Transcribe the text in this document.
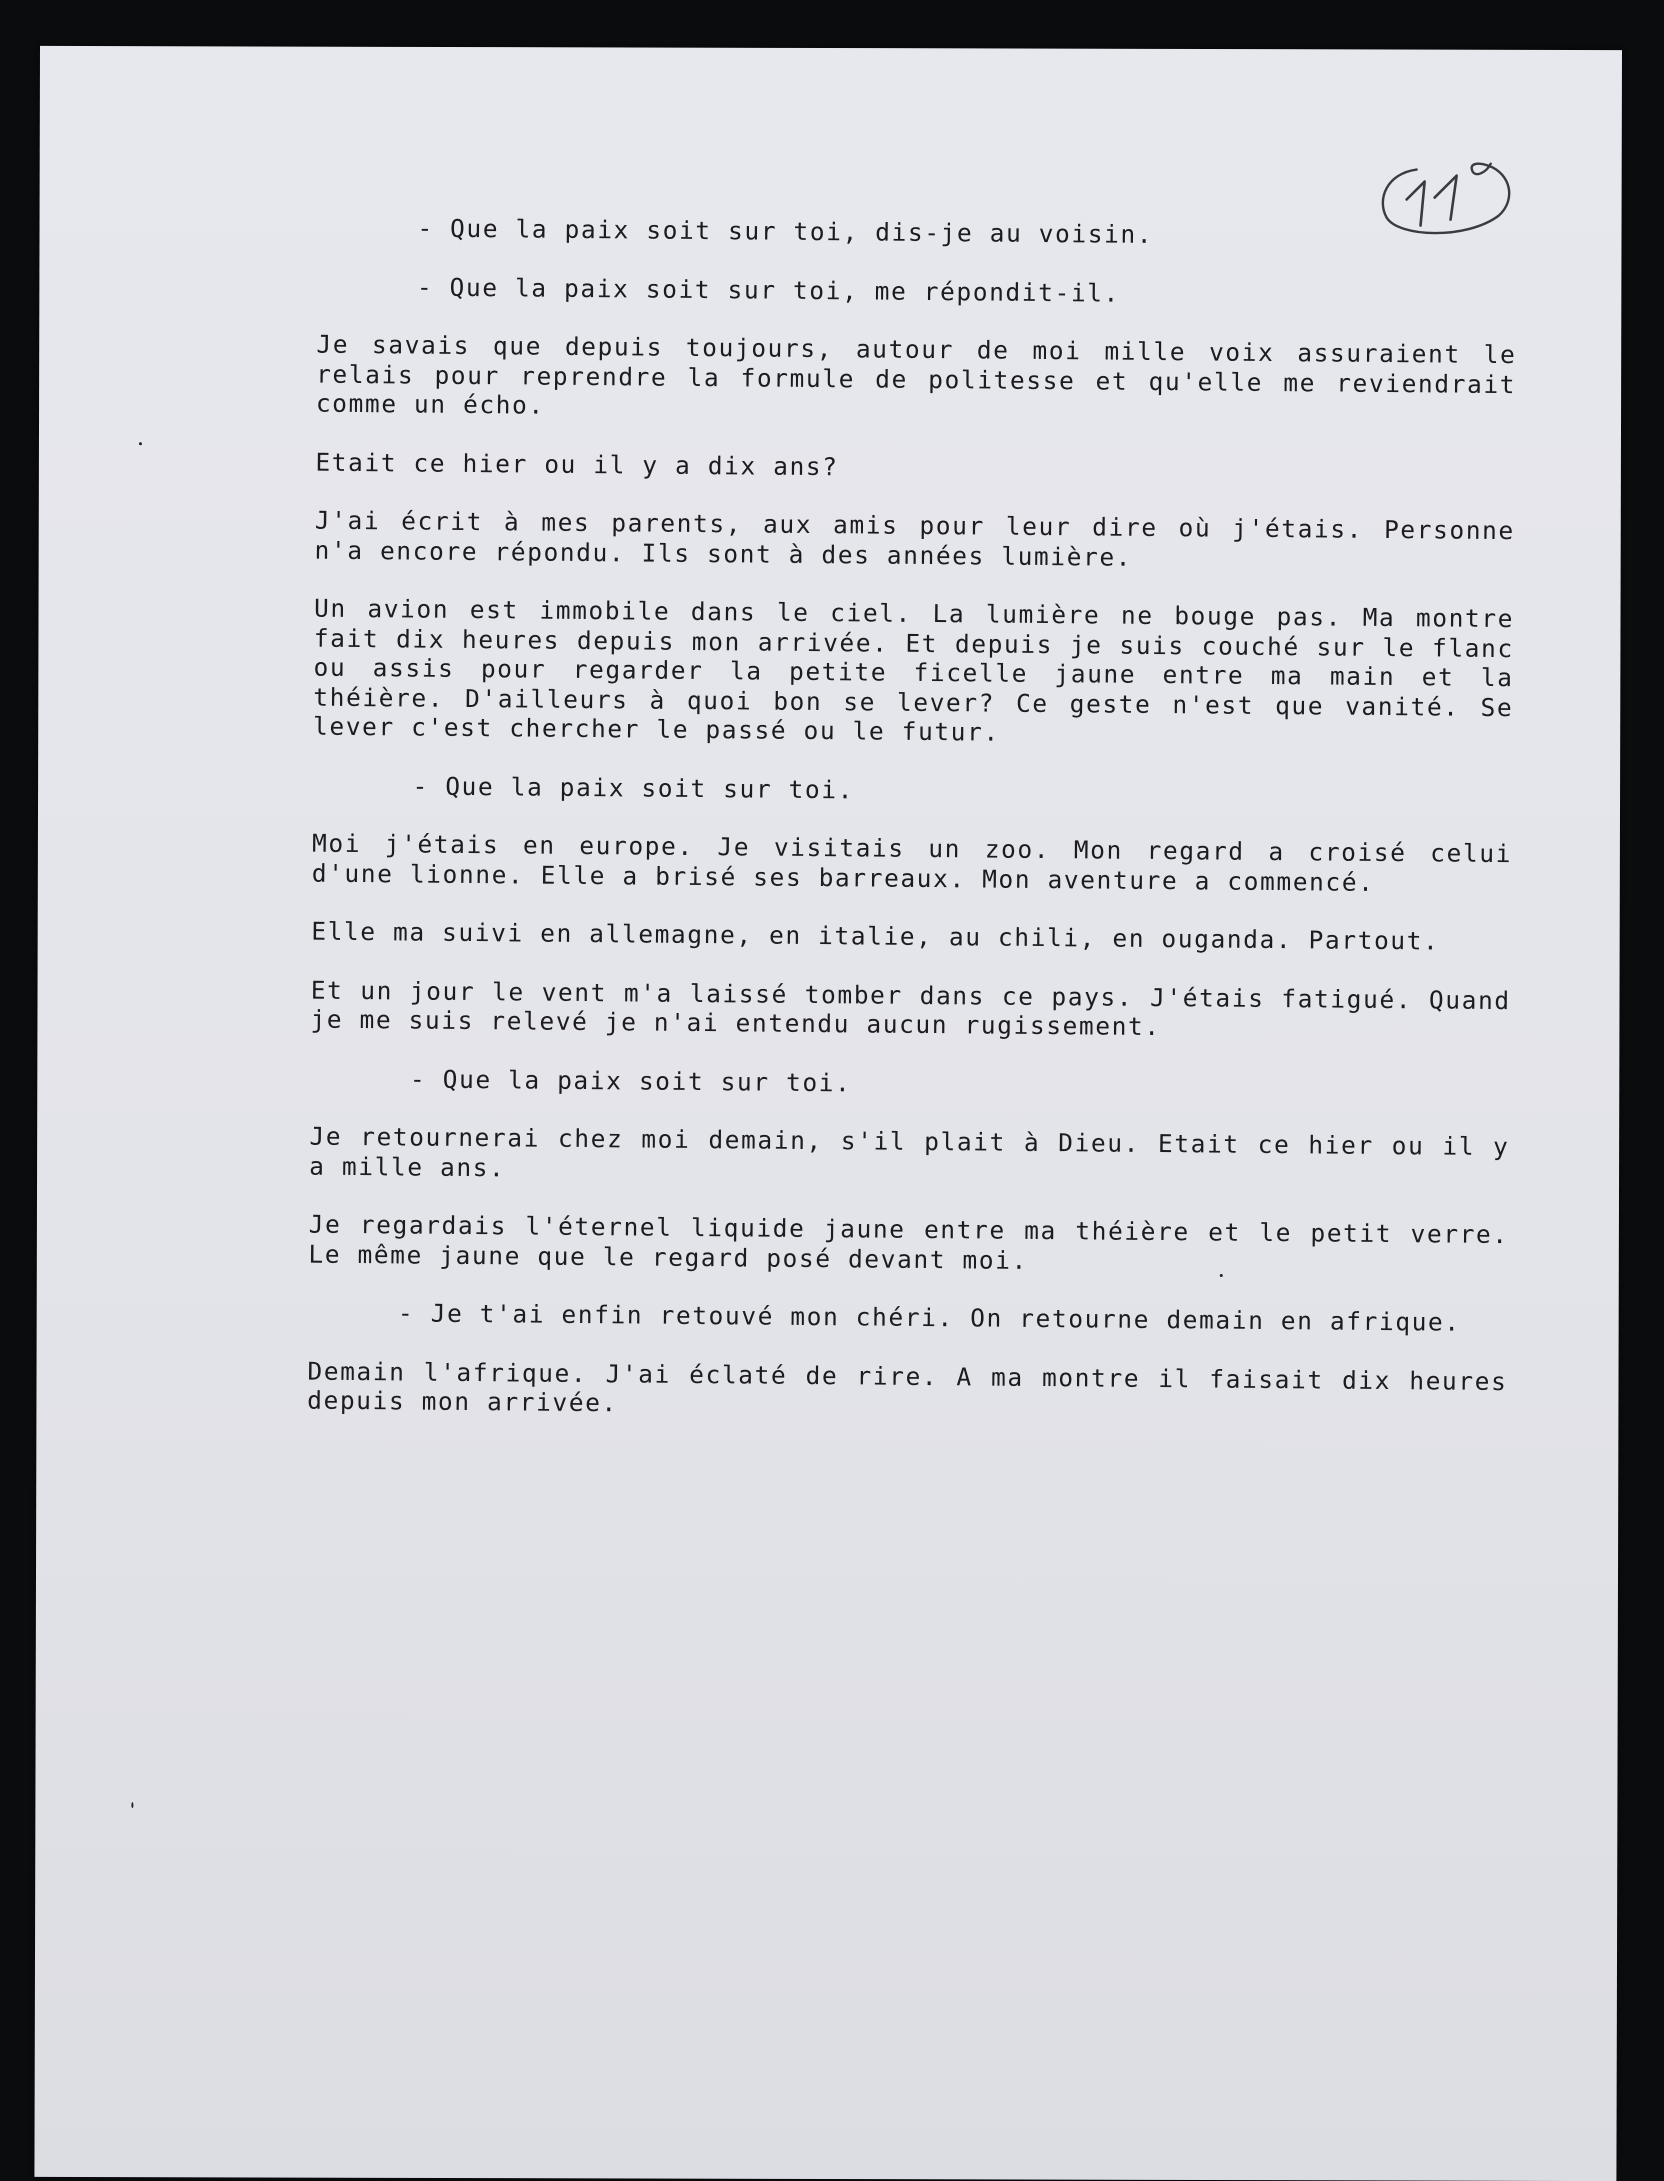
- Que la paix soit sur toi, dis-je au voisin.

- Que la paix soit sur toi, me répondit-il.

Je savais que depuis toujours, autour de moi mille voix assuraient le relais pour reprendre la formule de politesse et qu'elle me reviendrait comme un écho.

Etait ce hier ou il y a dix ans?

J'ai écrit à mes parents, aux amis pour leur dire où j'étais. Personne n'a encore répondu. Ils sont à des années lumière.

Un avion est immobile dans le ciel. La lumière ne bouge pas. Ma montre fait dix heures depuis mon arrivée. Et depuis je suis couché sur le flanc ou assis pour regarder la petite ficelle jaune entre ma main et la théière. D'ailleurs à quoi bon se lever? Ce geste n'est que vanité. Se lever c'est chercher le passé ou le futur.

- Que la paix soit sur toi.

Moi j'étais en europe. Je visitais un zoo. Mon regard a croisé celui d'une lionne. Elle a brisé ses barreaux. Mon aventure a commencé.

Elle ma suivi en allemagne, en italie, au chili, en ouganda. Partout.

Et un jour le vent m'a laissé tomber dans ce pays. J'étais fatigué. Quand je me suis relevé je n'ai entendu aucun rugissement.

- Que la paix soit sur toi.

Je retournerai chez moi demain, s'il plait à Dieu. Etait ce hier ou il y a mille ans.

Je regardais l'éternel liquide jaune entre ma théière et le petit verre. Le même jaune que le regard posé devant moi.

- Je t'ai enfin retouvé mon chéri. On retourne demain en afrique.

Demain l'afrique. J'ai éclaté de rire. A ma montre il faisait dix heures depuis mon arrivée.
